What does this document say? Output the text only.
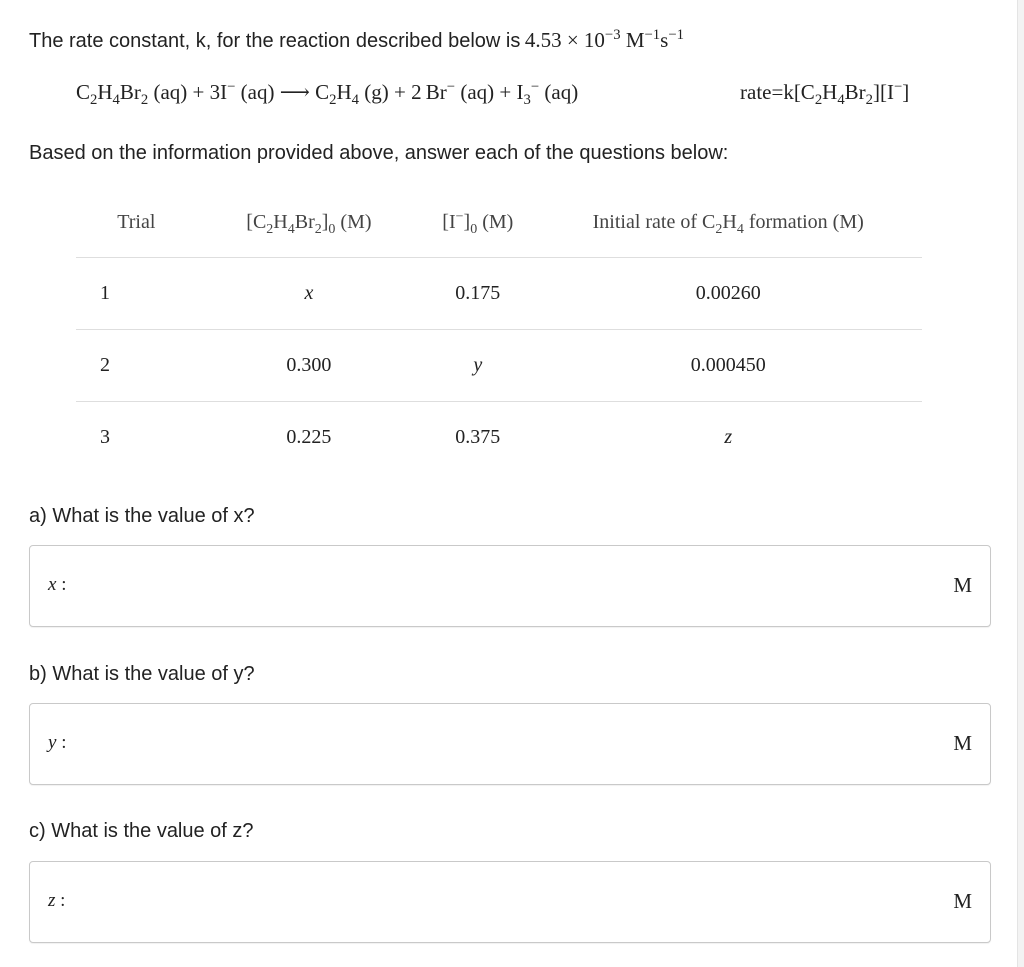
The rate constant, k, for the reaction described below is $4.53 \times 10^{-3}$ $M^{-1}s^{-1}$
$C_2H_4Br_2$ (aq) + 3I− (aq) ⟶ $C_2H_4$ (g) + 2  Br− $(aq) + I_3^-$ (aq)	$rate=k[C_2H_4Br_2][I^-]$
Based on the information provided above, answer each of the questions below:
Trial	$[C_2H_4Br_2]_0$ (M)	$[I^-]_0$ (M)	Initial rate of $C_2H_4$ formation (M)
1	x	0.175	0.00260
2	0.300	y	0.000450
3	0.225	0.375	z
a) What is the value of x?
x :	M
b) What is the value of y?
y :	M
c) What is the value of z?
z :	M
